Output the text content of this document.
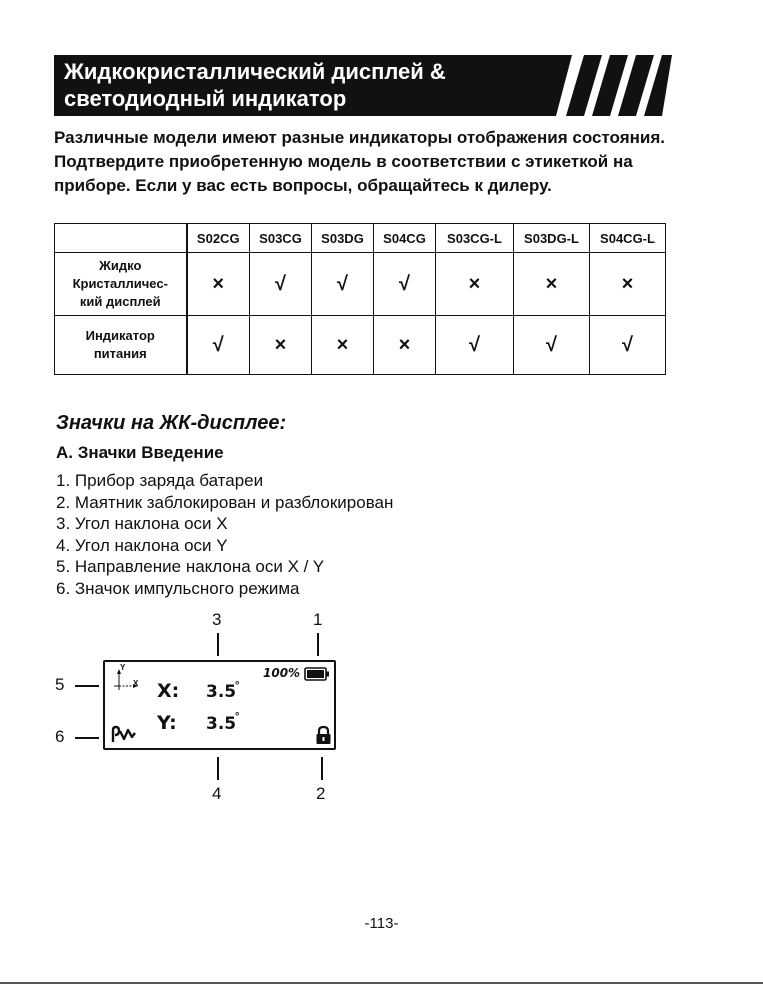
Жидкокристаллический дисплей &
светодиодный индикатор
Различные модели имеют разные индикаторы отображения состояния. Подтвердите приобретенную модель в соответствии с этикеткой на приборе. Если у вас есть вопросы, обращайтесь к дилеру.
	S02CG	S03CG	S03DG	S04CG	S03CG-L	S03DG-L	S04CG-L

Жидко
Кристалличес-
кий дисплей	×	√	√	√	×	×	×

Индикатор
питания	√	×	×	×	√	√	√
Значки на ЖК-дисплее:
A. Значки Введение
1. Прибор заряда батареи
2. Маятник заблокирован и разблокирован
3. Угол наклона оси X
4. Угол наклона оси Y
5. Направление наклона оси X / Y
6. Значок импульсного режима
3	1
5
6
4	2
Y
X
100%
X: 3.5
°
Y: 3.5
°
-113-
